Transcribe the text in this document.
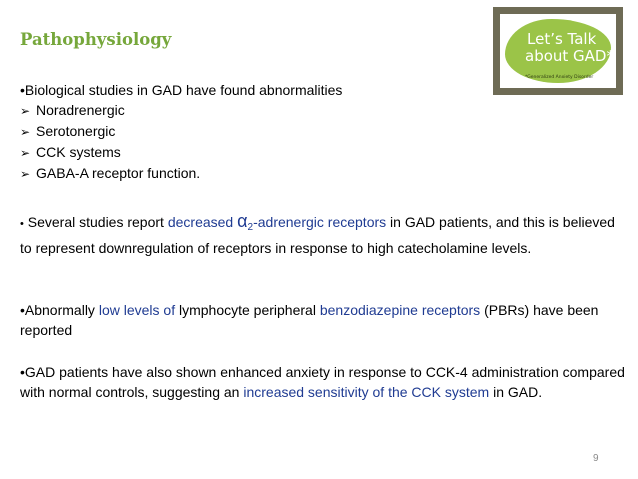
Pathophysiology	Let’s Talk
about GAD*
*Generalized Anxiety Disorder
•Biological studies in GAD have found abnormalities
➢ Noradrenergic
➢ Serotonergic
➢ CCK systems
➢ GABA-A receptor function.
• Several studies report decreased $\alpha_2$-adrenergic receptors in GAD patients, and this is believed to represent downregulation of receptors in response to high catecholamine levels.
•Abnormally low levels of lymphocyte peripheral benzodiazepine receptors (PBRs) have been reported
•GAD patients have also shown enhanced anxiety in response to CCK-4 administration compared with normal controls, suggesting an increased sensitivity of the CCK system in GAD.
9
